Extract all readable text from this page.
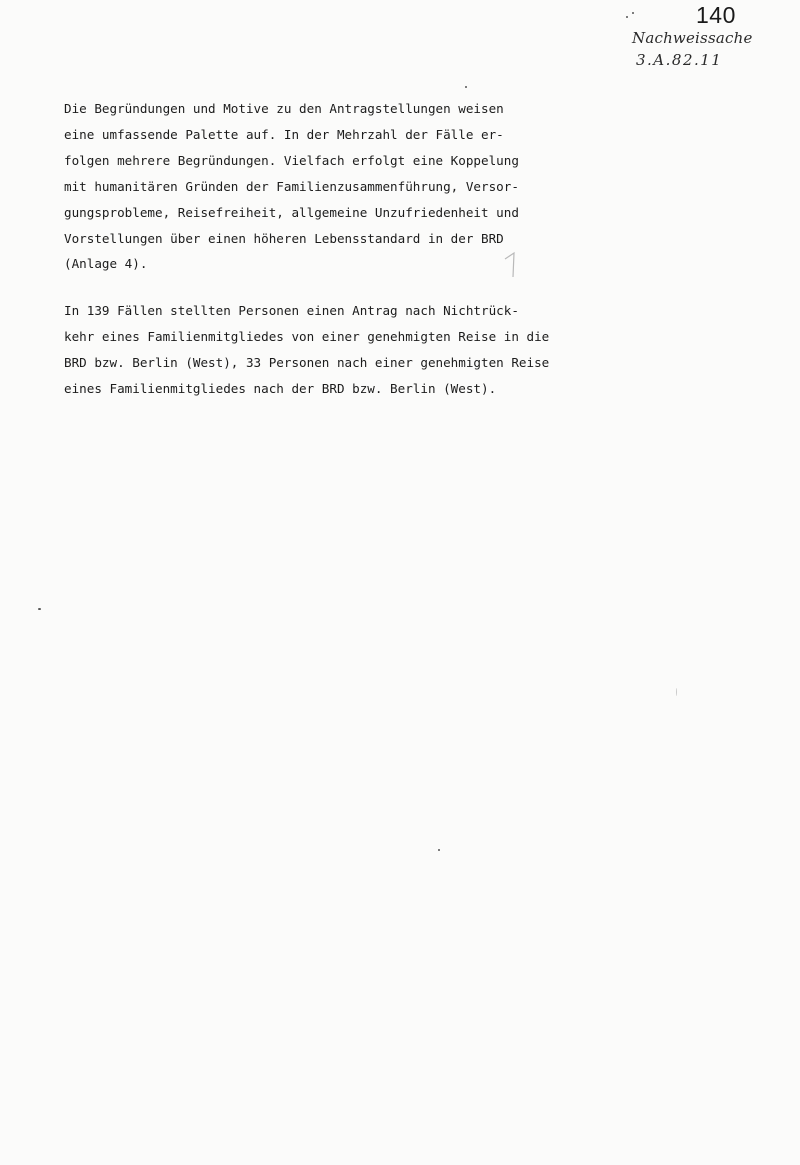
140
Nachweissache
3.A.82.11
Die Begründungen und Motive zu den Antragstellungen weisen
eine umfassende Palette auf. In der Mehrzahl der Fälle er-
folgen mehrere Begründungen. Vielfach erfolgt eine Koppelung
mit humanitären Gründen der Familienzusammenführung, Versor-
gungsprobleme, Reisefreiheit, allgemeine Unzufriedenheit und
Vorstellungen über einen höheren Lebensstandard in der BRD
(Anlage 4).
In 139 Fällen stellten Personen einen Antrag nach Nichtrück-
kehr eines Familienmitgliedes von einer genehmigten Reise in die
BRD bzw. Berlin (West), 33 Personen nach einer genehmigten Reise
eines Familienmitgliedes nach der BRD bzw. Berlin (West).
